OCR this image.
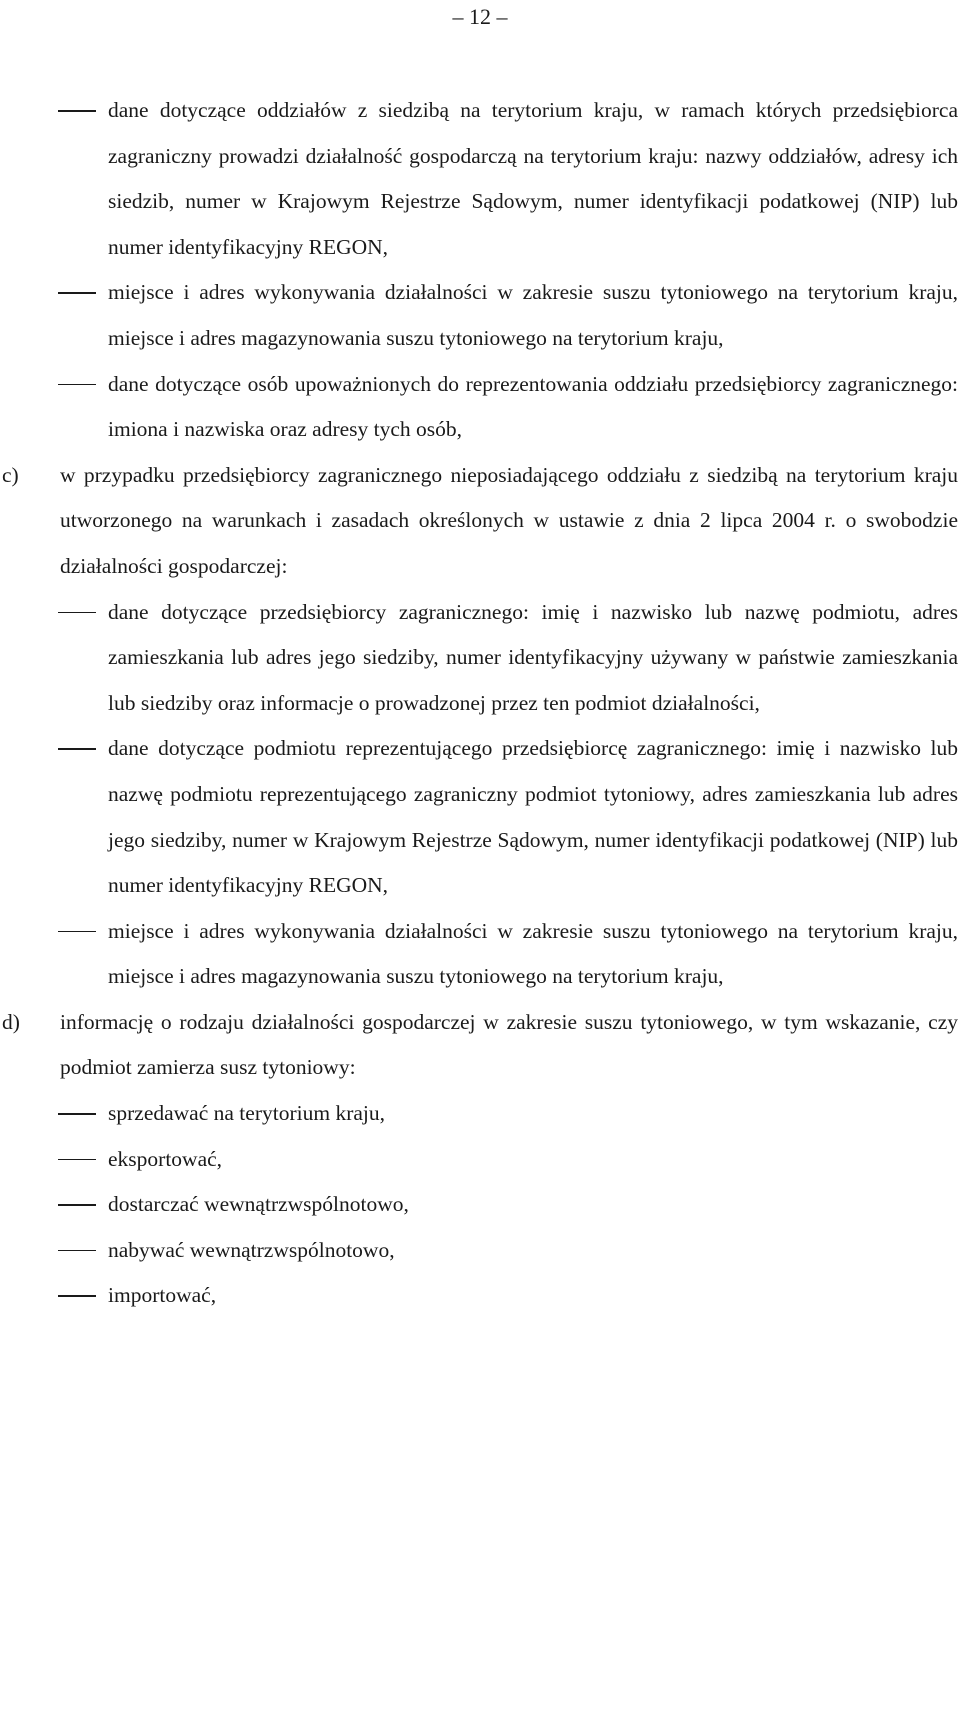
– 12 –
dane dotyczące oddziałów z siedzibą na terytorium kraju, w ramach których przedsiębiorca zagraniczny prowadzi działalność gospodarczą na terytorium kraju: nazwy oddziałów, adresy ich siedzib, numer w Krajowym Rejestrze Sądowym, numer identyfikacji podatkowej (NIP) lub numer identyfikacyjny REGON,
miejsce i adres wykonywania działalności w zakresie suszu tytoniowego na terytorium kraju, miejsce i adres magazynowania suszu tytoniowego na terytorium kraju,
dane dotyczące osób upoważnionych do reprezentowania oddziału przedsiębiorcy zagranicznego: imiona i nazwiska oraz adresy tych osób,
c) w przypadku przedsiębiorcy zagranicznego nieposiadającego oddziału z siedzibą na terytorium kraju utworzonego na warunkach i zasadach określonych w ustawie z dnia 2 lipca 2004 r. o swobodzie działalności gospodarczej:
dane dotyczące przedsiębiorcy zagranicznego: imię i nazwisko lub nazwę podmiotu, adres zamieszkania lub adres jego siedziby, numer identyfikacyjny używany w państwie zamieszkania lub siedziby oraz informacje o prowadzonej przez ten podmiot działalności,
dane dotyczące podmiotu reprezentującego przedsiębiorcę zagranicznego: imię i nazwisko lub nazwę podmiotu reprezentującego zagraniczny podmiot tytoniowy, adres zamieszkania lub adres jego siedziby, numer w Krajowym Rejestrze Sądowym, numer identyfikacji podatkowej (NIP) lub numer identyfikacyjny REGON,
miejsce i adres wykonywania działalności w zakresie suszu tytoniowego na terytorium kraju, miejsce i adres magazynowania suszu tytoniowego na terytorium kraju,
d) informację o rodzaju działalności gospodarczej w zakresie suszu tytoniowego, w tym wskazanie, czy podmiot zamierza susz tytoniowy:
sprzedawać na terytorium kraju,
eksportować,
dostarczać wewnątrzwspólnotowo,
nabywać wewnątrzwspólnotowo,
importować,
